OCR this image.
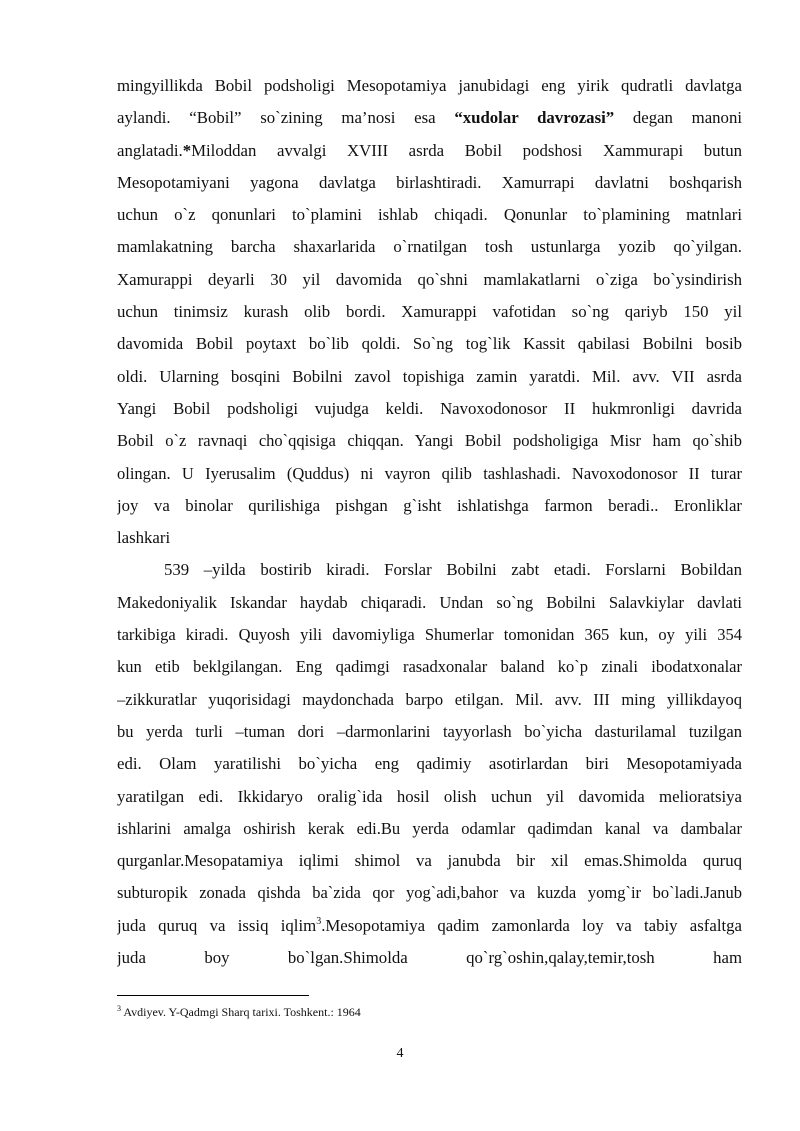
mingyillikda Bobil podsholigi Mesopotamiya janubidagi eng yirik qudratli davlatga
aylandi. “Bobil” so`zining ma’nosi esa “xudolar davrozasi” degan manoni
anglatadi.*Miloddan avvalgi XVIII asrda Bobil podshosi Xammurapi butun
Mesopotamiyani yagona davlatga birlashtiradi. Xamurrapi davlatni boshqarish
uchun o`z qonunlari to`plamini ishlab chiqadi. Qonunlar to`plamining matnlari
mamlakatning barcha shaxarlarida o`rnatilgan tosh ustunlarga yozib qo`yilgan.
Xamurappi deyarli 30 yil davomida qo`shni mamlakatlarni o`ziga bo`ysindirish
uchun tinimsiz kurash olib bordi. Xamurappi vafotidan so`ng qariyb 150 yil
davomida Bobil poytaxt bo`lib qoldi. So`ng tog`lik Kassit qabilasi Bobilni bosib
oldi. Ularning bosqini Bobilni zavol topishiga zamin yaratdi. Mil. avv. VII asrda
Yangi Bobil podsholigi vujudga keldi. Navoxodonosor II hukmronligi davrida
Bobil o`z ravnaqi cho`qqisiga chiqqan. Yangi Bobil podsholigiga Misr ham qo`shib
olingan. U Iyerusalim (Quddus) ni vayron qilib tashlashadi. Navoxodonosor II turar
joy va binolar qurilishiga pishgan g`isht ishlatishga farmon beradi.. Eronliklar
lashkari
539 –yilda bostirib kiradi. Forslar Bobilni zabt etadi. Forslarni Bobildan
Makedoniyalik Iskandar haydab chiqaradi. Undan so`ng Bobilni Salavkiylar davlati
tarkibiga kiradi. Quyosh yili davomiyligа Shumerlar tomonidan 365 kun, oy yili 354
kun etib beklgilangan. Eng qadimgi rasadxonalar baland ko`p zinali ibodatxonalar
–zikkuratlar yuqorisidagi maydonchada barpo etilgan. Mil. avv. III ming yillikdayoq
bu yerda turli –tuman dori –darmonlarini tayyorlash bo`yicha dasturilamal tuzilgan
edi. Olam yaratilishi bo`yicha eng qadimiy asotirlardan biri Mesopotamiyada
yaratilgan edi. Ikkidaryo oralig`ida hosil olish uchun yil davomida melioratsiya
ishlarini amalga oshirish kerak edi.Bu yerda odamlar qadimdan kanal va dambalar
qurganlar.Mesopatamiya iqlimi shimol va janubda bir xil emas.Shimolda quruq
subturopik zonada qishda ba`zida qor yog`adi,bahor va kuzda yomg`ir bo`ladi.Janub
juda quruq va issiq iqlim$^3$.Mesopotamiya qadim zamonlarda loy va tabiy asfaltga
juda boy bo`lgan.Shimolda qo`rg`oshin,qalay,temir,tosh ham
$^3$ Avdiyev. Y-Qadmgi Sharq tarixi. Toshkent.: 1964
4
